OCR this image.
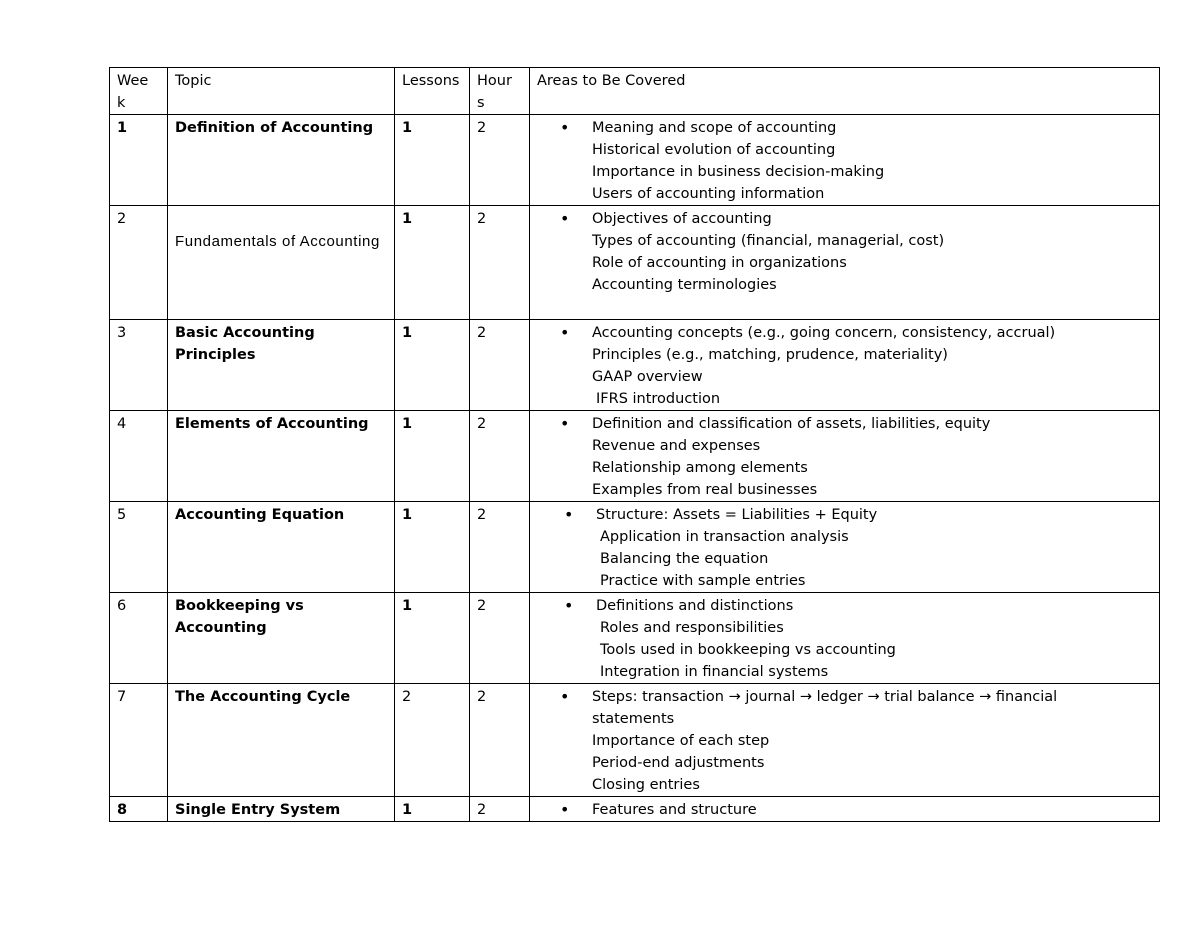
Wee
k	Topic	Lessons	Hour
s	Areas to Be Covered
1	Definition of Accounting	1	2	• Meaning and scope of accounting
Historical evolution of accounting
Importance in business decision-making
Users of accounting information

2	Fundamentals of Accounting	1	2	• Objectives of accounting
Types of accounting (financial, managerial, cost)
Role of accounting in organizations
Accounting terminologies

3	Basic Accounting Principles	1	2	• Accounting concepts (e.g., going concern, consistency, accrual)
Principles (e.g., matching, prudence, materiality)
GAAP overview
IFRS introduction

4	Elements of Accounting	1	2	• Definition and classification of assets, liabilities, equity
Revenue and expenses
Relationship among elements
Examples from real businesses

5	Accounting Equation	1	2	• Structure: Assets = Liabilities + Equity
Application in transaction analysis
Balancing the equation
Practice with sample entries

6	Bookkeeping vs Accounting	1	2	• Definitions and distinctions
Roles and responsibilities
Tools used in bookkeeping vs accounting
Integration in financial systems

7	The Accounting Cycle	2	2	• Steps: transaction → journal → ledger → trial balance → financial statements
Importance of each step
Period-end adjustments
Closing entries

8	Single Entry System	1	2	• Features and structure
